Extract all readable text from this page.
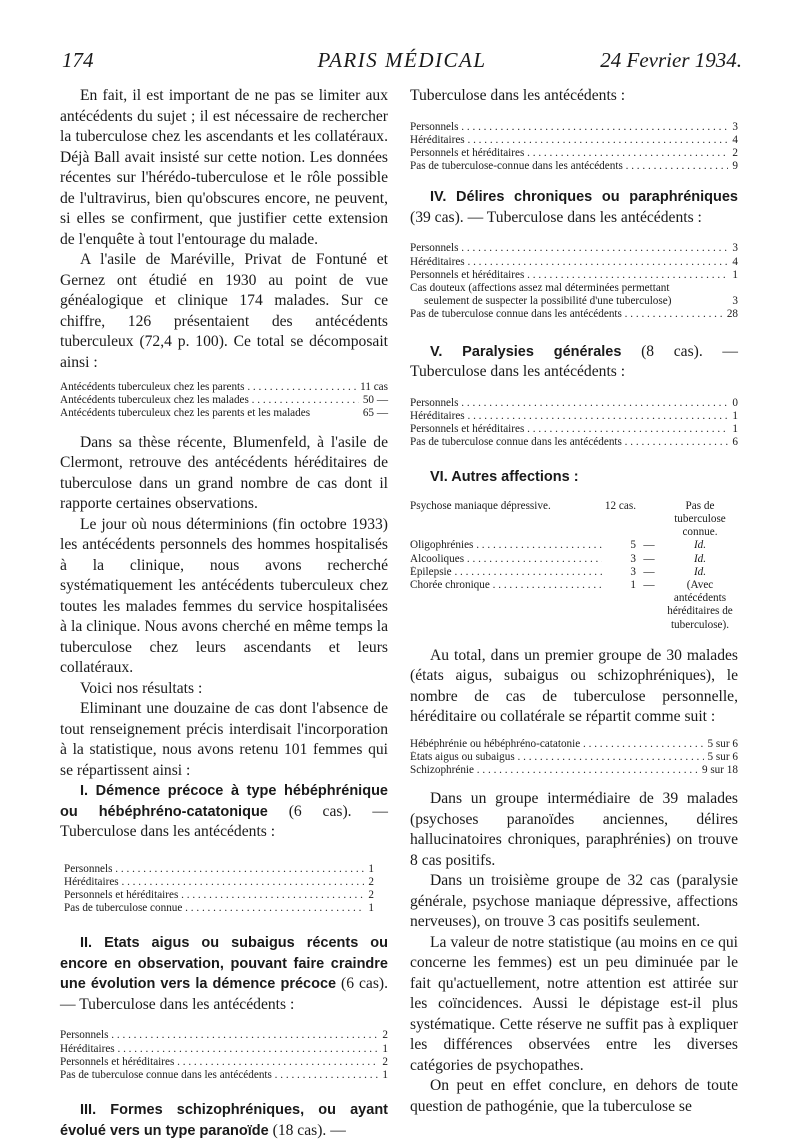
174	PARIS MÉDICAL	24 Fevrier 1934.

En fait, il est important de ne pas se limiter aux antécédents du sujet ; il est nécessaire de rechercher la tuberculose chez les ascendants et les collatéraux. Déjà Ball avait insisté sur cette notion. Les données récentes sur l'hérédo-tuberculose et le rôle possible de l'ultravirus, bien qu'obscures encore, ne peuvent, si elles se confirment, que justifier cette extension de l'enquête à tout l'entourage du malade.

A l'asile de Maréville, Privat de Fontuné et Gernez ont étudié en 1930 au point de vue généalogique et clinique 174 malades. Sur ce chiffre, 126 présentaient des antécédents tuberculeux (72,4 p. 100). Ce total se décomposait ainsi :

Antécédents tuberculeux chez les parents . . .	11 cas
Antécédents tuberculeux chez les malades . . .	50 —
Antécédents tuberculeux chez les parents et les malades	65 —

Dans sa thèse récente, Blumenfeld, à l'asile de Clermont, retrouve des antécédents héréditaires de tuberculose dans un grand nombre de cas dont il rapporte certaines observations.

Le jour où nous déterminions (fin octobre 1933) les antécédents personnels des hommes hospitalisés à la clinique, nous avons recherché systématiquement les antécédents tuberculeux chez toutes les malades femmes du service hospitalisées à la clinique. Nous avons cherché en même temps la tuberculose chez leurs ascendants et leurs collatéraux.

Voici nos résultats :

Eliminant une douzaine de cas dont l'absence de tout renseignement précis interdisait l'incorporation à la statistique, nous avons retenu 101 femmes qui se répartissent ainsi :

I. Démence précoce à type hébéphrénique ou hébéphréno-catatonique (6 cas). — Tuberculose dans les antécédents :

Personnels . . .	1
Héréditaires . . .	2
Personnels et héréditaires . . .	2
Pas de tuberculose connue . . .	1

II. Etats aigus ou subaigus récents ou encore en observation, pouvant faire craindre une évolution vers la démence précoce (6 cas). — Tuberculose dans les antécédents :

Personnels . . .	2
Héréditaires . . .	1
Personnels et héréditaires . . .	2
Pas de tuberculose connue dans les antécédents . . .	1

III. Formes schizophréniques, ou ayant évolué vers un type paranoïde (18 cas). —

Tuberculose dans les antécédents :

Personnels . . .	3
Héréditaires . . .	4
Personnels et héréditaires . . .	2
Pas de tuberculose-connue dans les antécédents . . .	9

IV. Délires chroniques ou paraphréniques (39 cas). — Tuberculose dans les antécédents :

Personnels . . .	3
Héréditaires . . .	4
Personnels et héréditaires . . .	1
Cas douteux (affections assez mal déterminées permettant seulement de suspecter la possibilité d'une tuberculose)	3
Pas de tuberculose connue dans les antécédents . . .	28

V. Paralysies générales (8 cas). — Tuberculose dans les antécédents :

Personnels . . .	0
Héréditaires . . .	1
Personnels et héréditaires . . .	1
Pas de tuberculose connue dans les antécédents . . .	6

VI. Autres affections :

Psychose maniaque dépressive.	12 cas.	Pas de tuberculose connue.
Oligophrénies . . .	5 —	Id.
Alcooliques . . .	3 —	Id.
Épilepsie . . .	3 —	Id.
Chorée chronique . . .	1 —	(Avec antécédents héréditaires de tuberculose).

Au total, dans un premier groupe de 30 malades (états aigus, subaigus ou schizophréniques), le nombre de cas de tuberculose personnelle, héréditaire ou collatérale se répartit comme suit :

Hébéphrénie ou hébéphréno-catatonie . . .	5 sur 6
États aigus ou subaigus . . .	5 sur 6
Schizophrénie . . .	9 sur 18

Dans un groupe intermédiaire de 39 malades (psychoses paranoïdes anciennes, délires hallucinatoires chroniques, paraphrénies) on trouve 8 cas positifs.

Dans un troisième groupe de 32 cas (paralysie générale, psychose maniaque dépressive, affections nerveuses), on trouve 3 cas positifs seulement.

La valeur de notre statistique (au moins en ce qui concerne les femmes) est un peu diminuée par le fait qu'actuellement, notre attention est attirée sur les coïncidences. Aussi le dépistage est-il plus systématique. Cette réserve ne suffit pas à expliquer les différences observées entre les diverses catégories de psychopathes.

On peut en effet conclure, en dehors de toute question de pathogénie, que la tuberculose se
